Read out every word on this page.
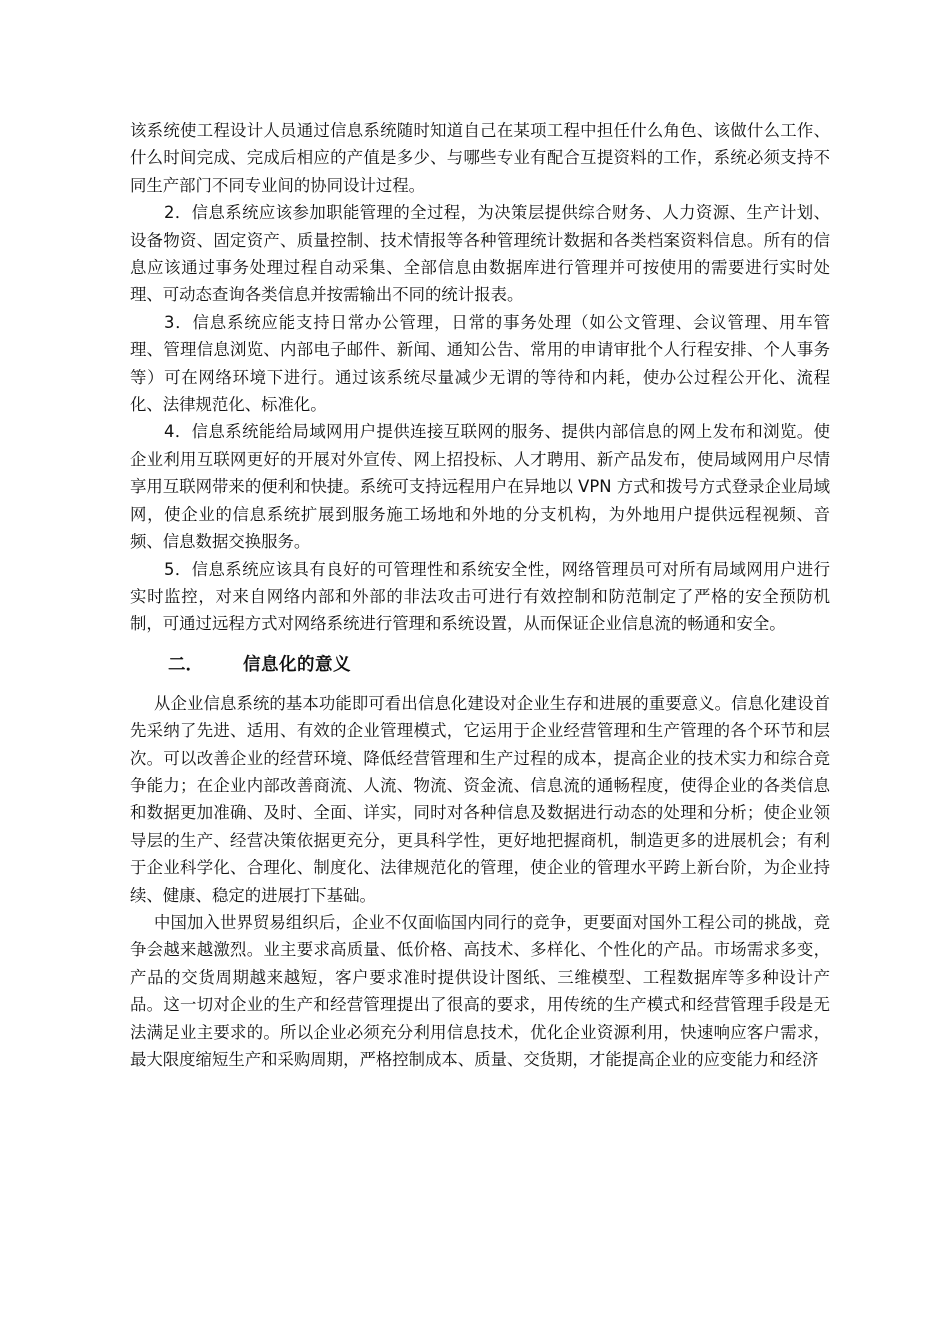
该系统使工程设计人员通过信息系统随时知道自己在某项工程中担任什么角色、该做什么工作、什么时间完成、完成后相应的产值是多少、与哪些专业有配合互提资料的工作，系统必须支持不同生产部门不同专业间的协同设计过程。

2．信息系统应该参加职能管理的全过程，为决策层提供综合财务、人力资源、生产计划、设备物资、固定资产、质量控制、技术情报等各种管理统计数据和各类档案资料信息。所有的信息应该通过事务处理过程自动采集、全部信息由数据库进行管理并可按使用的需要进行实时处理、可动态查询各类信息并按需输出不同的统计报表。

3．信息系统应能支持日常办公管理，日常的事务处理（如公文管理、会议管理、用车管理、管理信息浏览、内部电子邮件、新闻、通知公告、常用的申请审批个人行程安排、个人事务等）可在网络环境下进行。通过该系统尽量减少无谓的等待和内耗，使办公过程公开化、流程化、法律规范化、标准化。

4．信息系统能给局域网用户提供连接互联网的服务、提供内部信息的网上发布和浏览。使企业利用互联网更好的开展对外宣传、网上招投标、人才聘用、新产品发布，使局域网用户尽情享用互联网带来的便利和快捷。系统可支持远程用户在异地以 VPN 方式和拨号方式登录企业局域网，使企业的信息系统扩展到服务施工场地和外地的分支机构，为外地用户提供远程视频、音频、信息数据交换服务。

5．信息系统应该具有良好的可管理性和系统安全性，网络管理员可对所有局域网用户进行实时监控，对来自网络内部和外部的非法攻击可进行有效控制和防范制定了严格的安全预防机制，可通过远程方式对网络系统进行管理和系统设置，从而保证企业信息流的畅通和安全。

二．	信息化的意义

从企业信息系统的基本功能即可看出信息化建设对企业生存和进展的重要意义。信息化建设首先采纳了先进、适用、有效的企业管理模式，它运用于企业经营管理和生产管理的各个环节和层次。可以改善企业的经营环境、降低经营管理和生产过程的成本，提高企业的技术实力和综合竞争能力；在企业内部改善商流、人流、物流、资金流、信息流的通畅程度，使得企业的各类信息和数据更加准确、及时、全面、详实，同时对各种信息及数据进行动态的处理和分析；使企业领导层的生产、经营决策依据更充分，更具科学性，更好地把握商机，制造更多的进展机会；有利于企业科学化、合理化、制度化、法律规范化的管理，使企业的管理水平跨上新台阶，为企业持续、健康、稳定的进展打下基础。

中国加入世界贸易组织后，企业不仅面临国内同行的竞争，更要面对国外工程公司的挑战，竞争会越来越激烈。业主要求高质量、低价格、高技术、多样化、个性化的产品。市场需求多变，产品的交货周期越来越短，客户要求准时提供设计图纸、三维模型、工程数据库等多种设计产品。这一切对企业的生产和经营管理提出了很高的要求，用传统的生产模式和经营管理手段是无法满足业主要求的。所以企业必须充分利用信息技术，优化企业资源利用，快速响应客户需求，最大限度缩短生产和采购周期，严格控制成本、质量、交货期，才能提高企业的应变能力和经济
